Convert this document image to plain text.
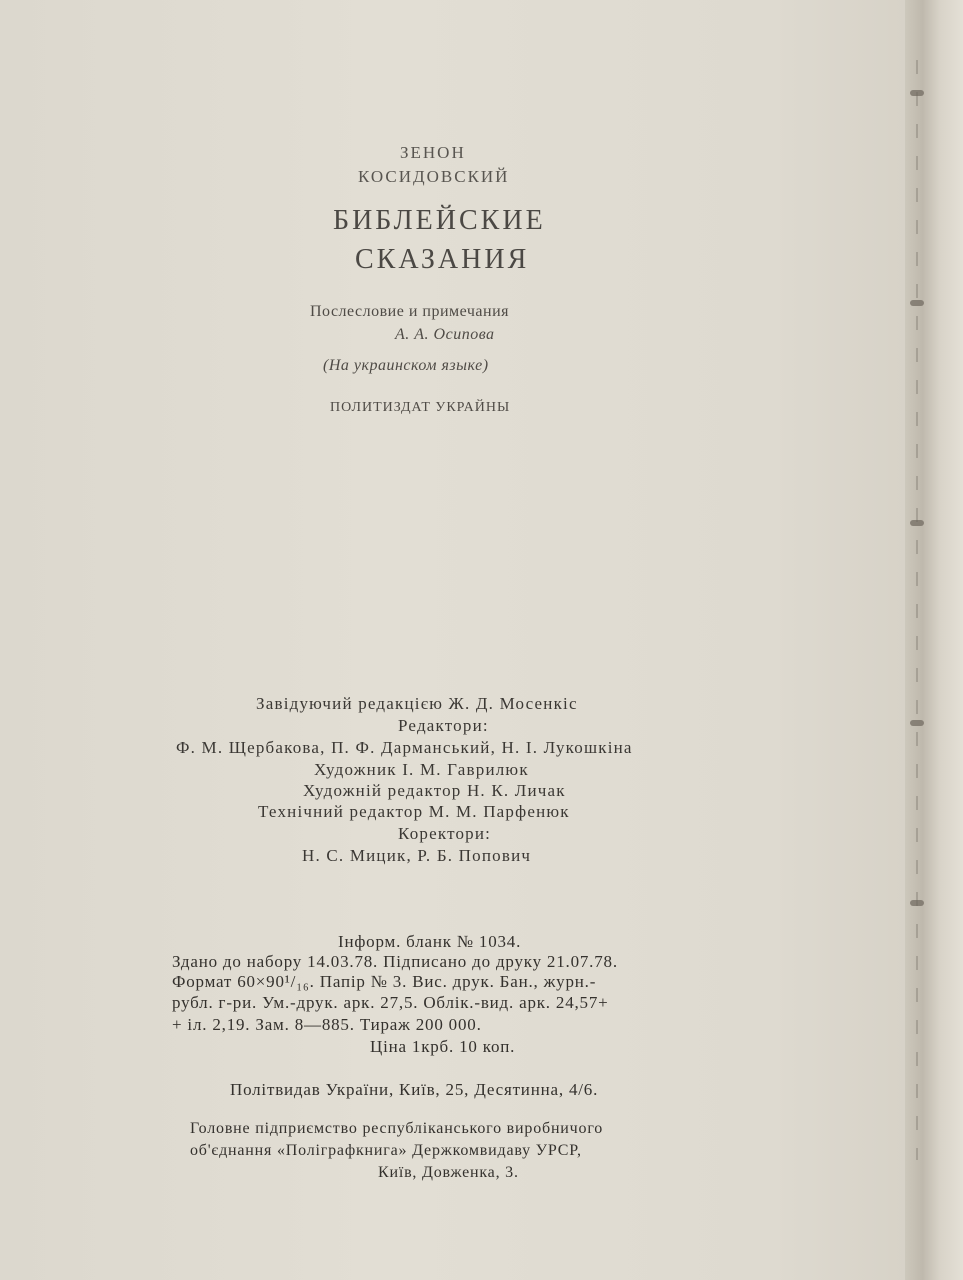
ЗЕНОН
КОСИДОВСКИЙ
БИБЛЕЙСКИЕ
СКАЗАНИЯ
Послесловие и примечания
А. А. Осипова
(На украинском языке)
ПОЛИТИЗДАТ УКРАЙНЫ
Завідуючий редакцією Ж. Д. Мосенкіс
Редактори:
Ф. М. Щербакова, П. Ф. Дарманський, Н. І. Лукошкіна
Художник І. М. Гаврилюк
Художній редактор Н. К. Личак
Технічний редактор М. М. Парфенюк
Коректори:
Н. С. Мицик, Р. Б. Попович
Інформ. бланк № 1034.
Здано до набору 14.03.78. Підписано до друку 21.07.78.
Формат 60×90¹/₁₆. Папір № 3. Вис. друк. Бан., журн.-
рубл. г-ри. Ум.-друк. арк. 27,5. Облік.-вид. арк. 24,57+
+ іл. 2,19. Зам. 8—885. Тираж 200 000.
Ціна 1крб. 10 коп.
Політвидав України, Київ, 25, Десятинна, 4/6.
Головне підприємство республіканського виробничого
об'єднання «Поліграфкнига» Держкомвидаву УРСР,
Київ, Довженка, 3.
